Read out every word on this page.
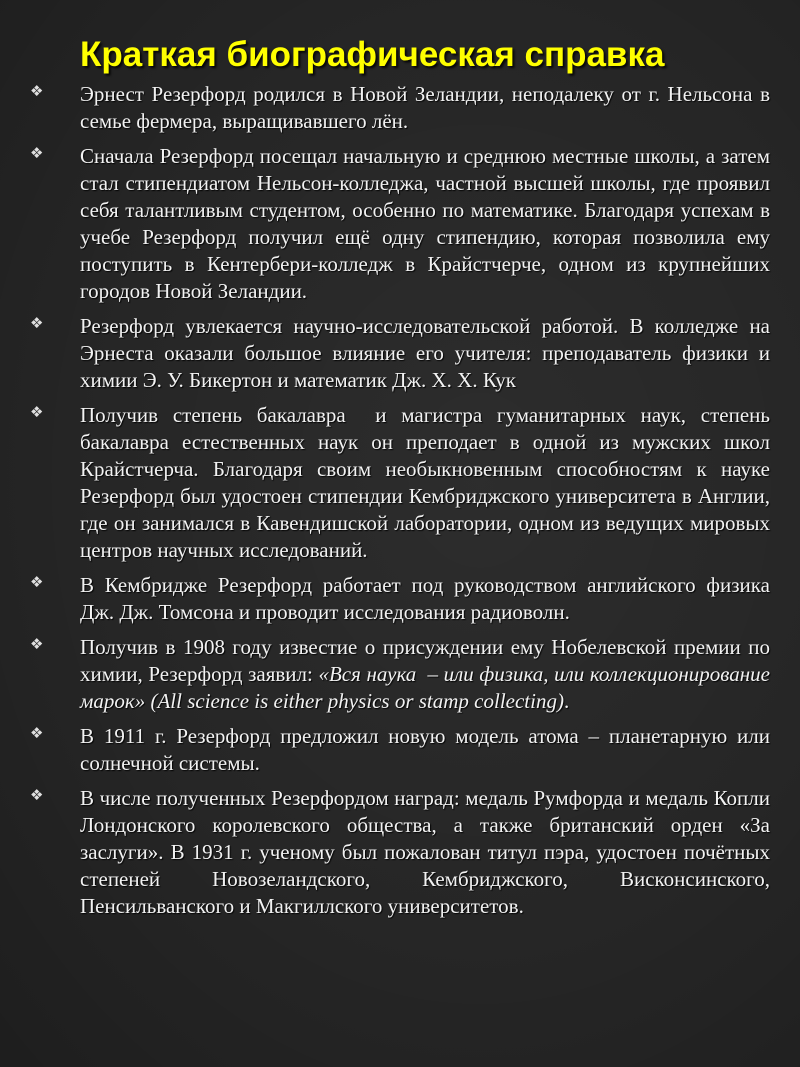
Краткая биографическая справка
❖ Эрнест Резерфорд родился в Новой Зеландии, неподалеку от г. Нельсона в семье фермера, выращивавшего лён.
❖ Сначала Резерфорд посещал начальную и среднюю местные школы, а затем стал стипендиатом Нельсон-колледжа, частной высшей школы, где проявил себя талантливым студентом, особенно по математике. Благодаря успехам в учебе Резерфорд получил ещё одну стипендию, которая позволила ему поступить в Кентербери-колледж в Крайстчерче, одном из крупнейших городов Новой Зеландии.
❖ Резерфорд увлекается научно-исследовательской работой. В колледже на Эрнеста оказали большое влияние его учителя: преподаватель физики и химии Э. У. Бикертон и математик Дж. Х. Х. Кук
❖ Получив степень бакалавра  и магистра гуманитарных наук, степень бакалавра естественных наук он преподает в одной из мужских школ Крайстчерча. Благодаря своим необыкновенным способностям к науке Резерфорд был удостоен стипендии Кембриджского университета в Англии, где он занимался в Кавендишской лаборатории, одном из ведущих мировых центров научных исследований.
❖ В Кембридже Резерфорд работает под руководством английского физика Дж. Дж. Томсона и проводит исследования радиоволн.
❖ Получив в 1908 году известие о присуждении ему Нобелевской премии по химии, Резерфорд заявил: «Вся наука  – или физика, или коллекционирование марок» (All science is either physics or stamp collecting).
❖ В 1911 г. Резерфорд предложил новую модель атома – планетарную или солнечной системы.
❖ В числе полученных Резерфордом наград: медаль Румфорда и медаль Копли Лондонского королевского общества, а также британский орден «За заслуги». В 1931 г. ученому был пожалован титул пэра, удостоен почётных степеней Новозеландского, Кембриджского, Висконсинского, Пенсильванского и Макгиллского университетов.
